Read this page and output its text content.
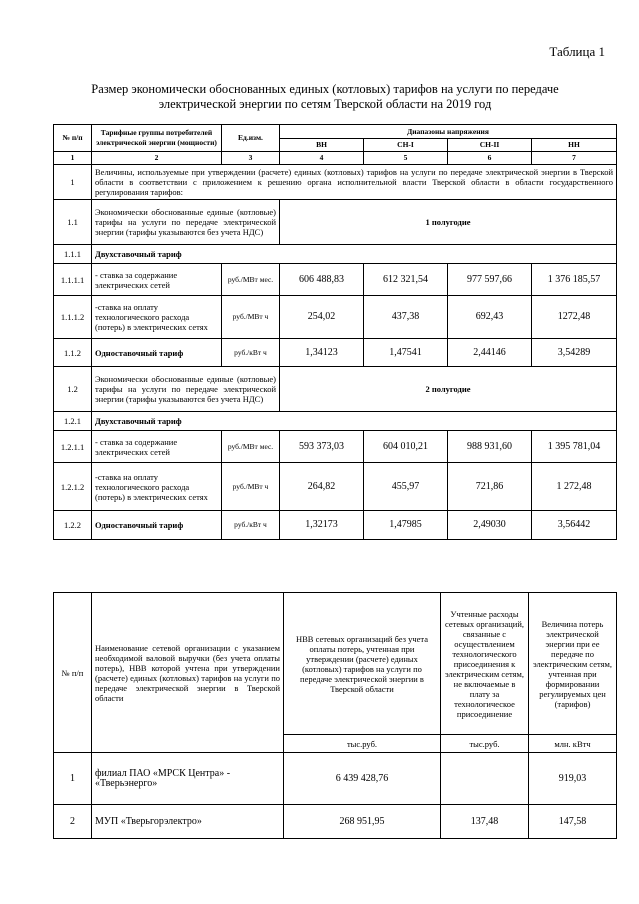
Таблица 1
Размер экономически обоснованных единых (котловых) тарифов на услуги по передаче электрической энергии по сетям Тверской области на 2019 год
№ п/п	Тарифные группы потребителей электрической энергии (мощности)	Ед.изм.	Диапазоны напряжения			
			ВН	СН-I	СН-II	НН
1	2	3	4	5	6	7
1	Величины, используемые при утверждении (расчете) единых (котловых) тарифов на услуги по передаче электрической энергии в Тверской области в соответствии с приложением к решению органа исполнительной власти Тверской области в области государственного регулирования тарифов:					
1.1	Экономически обоснованные единые (котловые) тарифы на услуги по передаче электрической энергии (тарифы указываются без учета НДС)		1 полугодие			
1.1.1	Двухставочный тариф					
1.1.1.1	- ставка за содержание электрических сетей	руб./МВт мес.	606 488,83	612 321,54	977 597,66	1 376 185,57
1.1.1.2	-ставка на оплату технологического расхода (потерь) в электрических сетях	руб./МВт ч	254,02	437,38	692,43	1272,48
1.1.2	Одноставочный тариф	руб./кВт ч	1,34123	1,47541	2,44146	3,54289
1.2	Экономически обоснованные единые (котловые) тарифы на услуги по передаче электрической энергии (тарифы указываются без учета НДС)		2 полугодие			
1.2.1	Двухставочный тариф					
1.2.1.1	- ставка за содержание электрических сетей	руб./МВт мес.	593 373,03	604 010,21	988 931,60	1 395 781,04
1.2.1.2	-ставка на оплату технологического расхода (потерь) в электрических сетях	руб./МВт ч	264,82	455,97	721,86	1 272,48
1.2.2	Одноставочный тариф	руб./кВт ч	1,32173	1,47985	2,49030	3,56442
№ п/п	Наименование сетевой организации с указанием необходимой валовой выручки (без учета оплаты потерь), НВВ которой учтена при утверждении (расчете) единых (котловых) тарифов на услуги по передаче электрической энергии в Тверской области	НВВ сетевых организаций без учета оплаты потерь, учтенная при утверждении (расчете) единых (котловых) тарифов на услуги по передаче электрической энергии в Тверской области	Учтенные расходы сетевых организаций, связанные с осуществлением технологического присоединения к электрическим сетям, не включаемые в плату за технологическое присоединение	Величина потерь электрической энергии при ее передаче по электрическим сетям, учтенная при формировании регулируемых цен (тарифов)
		тыс.руб.	тыс.руб.	млн. кВтч
1	филиал ПАО «МРСК Центра» - «Тверьэнерго»	6 439 428,76		919,03
2	МУП «Тверьгорэлектро»	268 951,95	137,48	147,58
